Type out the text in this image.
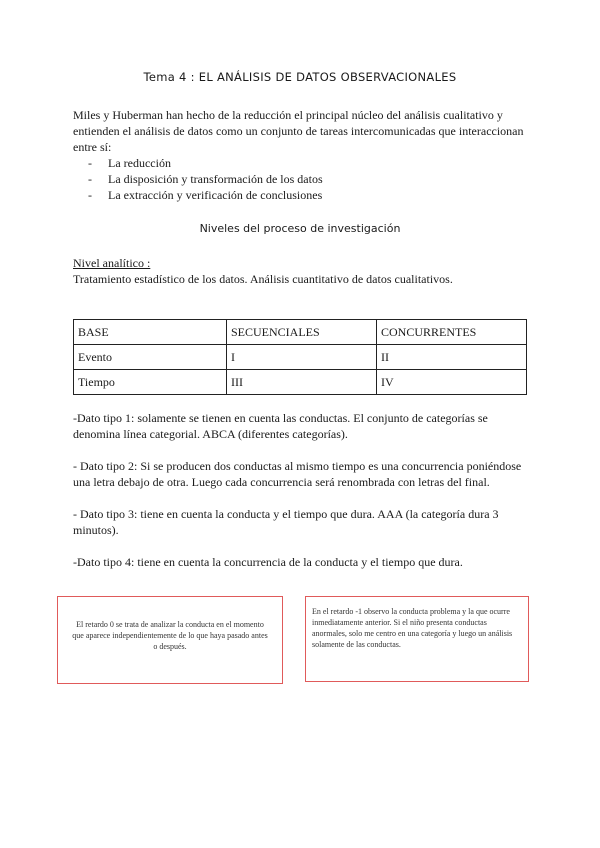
Tema 4 : EL ANÁLISIS DE DATOS OBSERVACIONALES
Miles y Huberman han hecho de la reducción el principal núcleo del análisis cualitativo y entienden el análisis de datos como un conjunto de tareas intercomunicadas que interaccionan entre sí:
- La reducción
- La disposición y transformación de los datos
- La extracción y verificación de conclusiones
Niveles del proceso de investigación
Nivel analítico :
Tratamiento estadístico de los datos. Análisis cuantitativo de datos cualitativos.
BASE	SECUENCIALES	CONCURRENTES
Evento	I	II
Tiempo	III	IV
-Dato tipo 1: solamente se tienen en cuenta las conductas. El conjunto de categorías se denomina línea categorial. ABCA (diferentes categorías).
- Dato tipo 2: Si se producen dos conductas al mismo tiempo es una concurrencia poniéndose una letra debajo de otra. Luego cada concurrencia será renombrada con letras del final.
- Dato tipo 3: tiene en cuenta la conducta y el tiempo que dura. AAA (la categoría dura 3 minutos).
-Dato tipo 4: tiene en cuenta la concurrencia de la conducta y el tiempo que dura.
El retardo 0 se trata de analizar la conducta en el momento que aparece independientemente de lo que haya pasado antes o después.
En el retardo -1 observo la conducta problema y la que ocurre inmediatamente anterior. Si el niño presenta conductas anormales, solo me centro en una categoría y luego un análisis solamente de las conductas.
